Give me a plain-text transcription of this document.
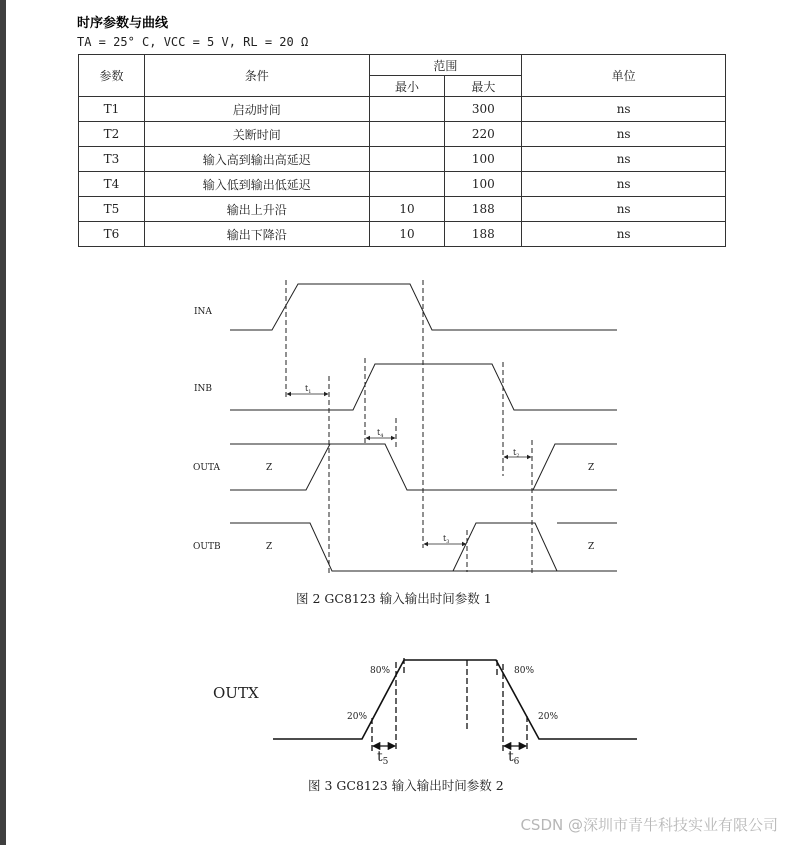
时序参数与曲线
TA = 25° C, VCC = 5 V, RL = 20 Ω
参数	条件	范围		单位
		最小	最大	
T1	启动时间		300	ns
T2	关断时间		220	ns
T3	输入高到输出高延迟		100	ns
T4	输入低到输出低延迟		100	ns
T5	输出上升沿	10	188	ns
T6	输出下降沿	10	188	ns
INA
INB
OUTA
OUTB
Z	Z
Z	Z
$t_1$
$t_4$
$t_2$
$t_3$
OUTX
80%
20%
80%
20%
$t_5$	$t_6$
图 2 GC8123 输入输出时间参数 1
图 3 GC8123 输入输出时间参数 2
CSDN @深圳市青牛科技实业有限公司
